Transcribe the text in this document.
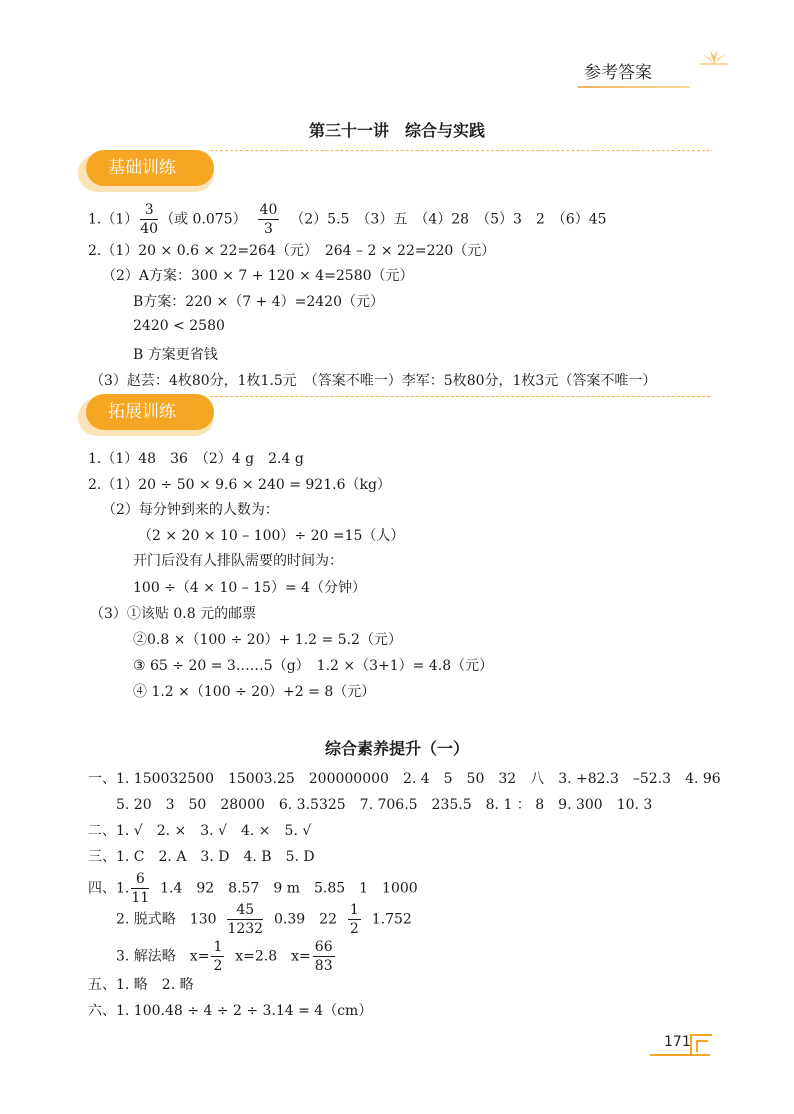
参考答案
第三十一讲　综合与实践
基础训练
$1.(1) \frac{3}{40}$ （或 $0.075) \frac{40}{3} (2)5.5$　（3）五　（4）28　（5）3　2　（6）45
2.（1）20 × 0.6 × 22=264（元）　264 – 2 × 22=220（元）
（2）A方案：300 × 7 + 120 × 4=2580（元）
B方案：220 ×（7 + 4）=2420（元）
2420 < 2580
B 方案更省钱
（3）赵芸：4枚80分，1枚1.5元　（答案不唯一）李军：5枚80分，1枚3元（答案不唯一）
拓展训练
1.（1）48　36　（2）4 g　2.4 g
2.（1）20 ÷ 50 × 9.6 × 240 = 921.6（kg）
（2）每分钟到来的人数为：
（2 × 20 × 10 – 100）÷ 20 =15（人）
开门后没有人排队需要的时间为：
100 ÷（4 × 10 – 15）= 4（分钟）
（3）①该贴 0.8 元的邮票
②0.8 ×（100 ÷ 20）+ 1.2 = 5.2（元）
③ 65 ÷ 20 = 3……5（g）　1.2 ×（3+1）= 4.8（元）
④ 1.2 ×（100 ÷ 20）+2 = 8（元）
综合素养提升（一）
一、1. 150032500　15003.25　200000000　2. 4　5　50　32　八　3. +82.3　–52.3　4. 96
5. 20　3　50　28000　6. 3.5325　7. 706.5　235.5　8. 1 ： 8　9. 300　10. 3
二、1. √　2. ×　3. √　4. ×　5. √
三、1. C　2. A　3. D　4. B　5. D
四、1. $\frac{6}{11} 1.4$　92　8.57　9 m　5.85　1　1000
2. 脱式略　$130 \frac{45}{1232} 0.39$　$22 \frac{1}{2} 1.752$
3. 解法略　$x= \frac{1}{2} x=2.8$　$x= \frac{66}{83}$
五、1. 略　2. 略
六、1. 100.48 ÷ 4 ÷ 2 ÷ 3.14 = 4（cm）
171
